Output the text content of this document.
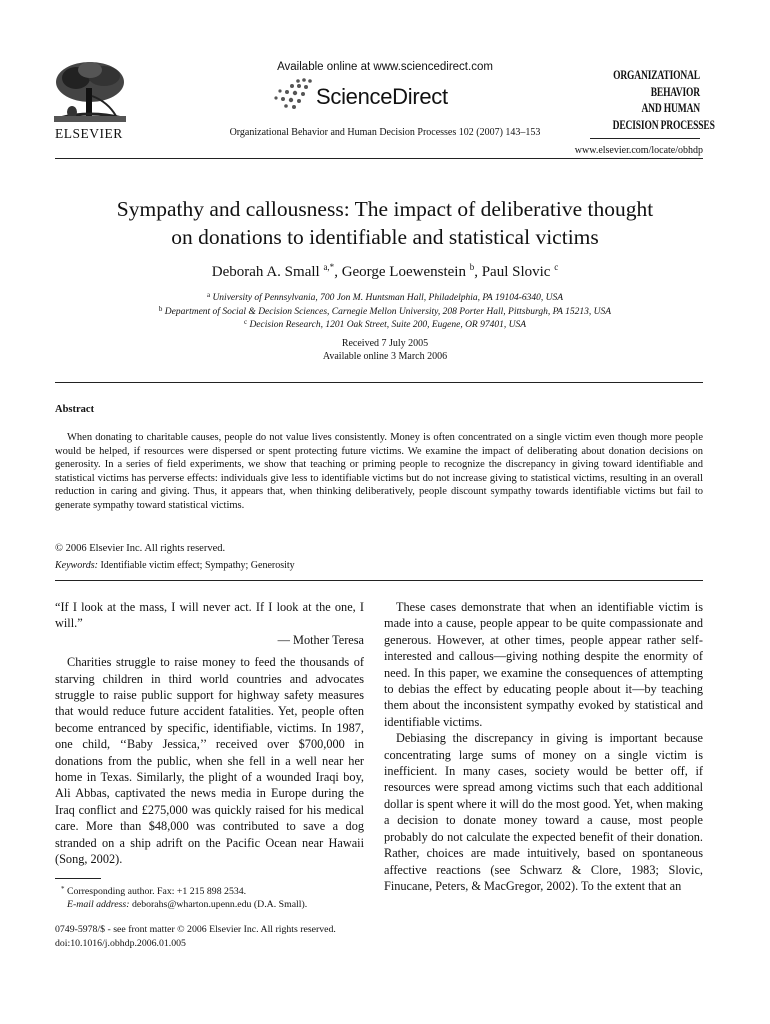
ELSEVIER
Available online at www.sciencedirect.com
ScienceDirect
Organizational Behavior and Human Decision Processes 102 (2007) 143–153
ORGANIZATIONAL
BEHAVIOR
AND HUMAN
DECISION PROCESSES
www.elsevier.com/locate/obhdp
Sympathy and callousness: The impact of deliberative thought
on donations to identifiable and statistical victims
Deborah A. Small $^{a,*}$, George Loewenstein $^b$, Paul Slovic $^c$
$^a$ University of Pennsylvania, 700 Jon M. Huntsman Hall, Philadelphia, PA 19104-6340, USA
$^b$ Department of Social & Decision Sciences, Carnegie Mellon University, 208 Porter Hall, Pittsburgh, PA 15213, USA
$^c$ Decision Research, 1201 Oak Street, Suite 200, Eugene, OR 97401, USA
Received 7 July 2005
Available online 3 March 2006
Abstract

When donating to charitable causes, people do not value lives consistently. Money is often concentrated on a single victim even though more people would be helped, if resources were dispersed or spent protecting future victims. We examine the impact of deliberating about donation decisions on generosity. In a series of field experiments, we show that teaching or priming people to recognize the discrepancy in giving toward identifiable and statistical victims has perverse effects: individuals give less to identifiable victims but do not increase giving to statistical victims, resulting in an overall reduction in caring and giving. Thus, it appears that, when thinking deliberatively, people discount sympathy towards identifiable victims but fail to generate sympathy toward statistical victims.

© 2006 Elsevier Inc. All rights reserved.
Keywords: Identifiable victim effect; Sympathy; Generosity

“If I look at the mass, I will never act. If I look at the one, I will.”

— Mother Teresa

Charities struggle to raise money to feed the thousands of starving children in third world countries and advocates struggle to raise public support for highway safety measures that would reduce future accident fatalities. Yet, people often become entranced by specific, identifiable, victims. In 1987, one child, ‘‘Baby Jessica,’’ received over $700,000 in donations from the public, when she fell in a well near her home in Texas. Similarly, the plight of a wounded Iraqi boy, Ali Abbas, captivated the news media in Europe during the Iraq conflict and £275,000 was quickly raised for his medical care. More than $48,000 was contributed to save a dog stranded on a ship adrift on the Pacific Ocean near Hawaii (Song, 2002).

* Corresponding author. Fax: +1 215 898 2534.
E-mail address: deborahs@wharton.upenn.edu (D.A. Small).
0749-5978/$ - see front matter © 2006 Elsevier Inc. All rights reserved.
doi:10.1016/j.obhdp.2006.01.005

These cases demonstrate that when an identifiable victim is made into a cause, people appear to be quite compassionate and generous. However, at other times, people appear rather self-interested and callous—giving nothing despite the enormity of need. In this paper, we examine the consequences of attempting to debias the effect by educating people about it—by teaching them about the inconsistent sympathy evoked by statistical and identifiable victims.

Debiasing the discrepancy in giving is important because concentrating large sums of money on a single victim is inefficient. In many cases, society would be better off, if resources were spread among victims such that each additional dollar is spent where it will do the most good. Yet, when making a decision to donate money toward a cause, most people probably do not calculate the expected benefit of their donation. Rather, choices are made intuitively, based on spontaneous affective reactions (see Schwarz & Clore, 1983; Slovic, Finucane, Peters, & MacGregor, 2002). To the extent that an
